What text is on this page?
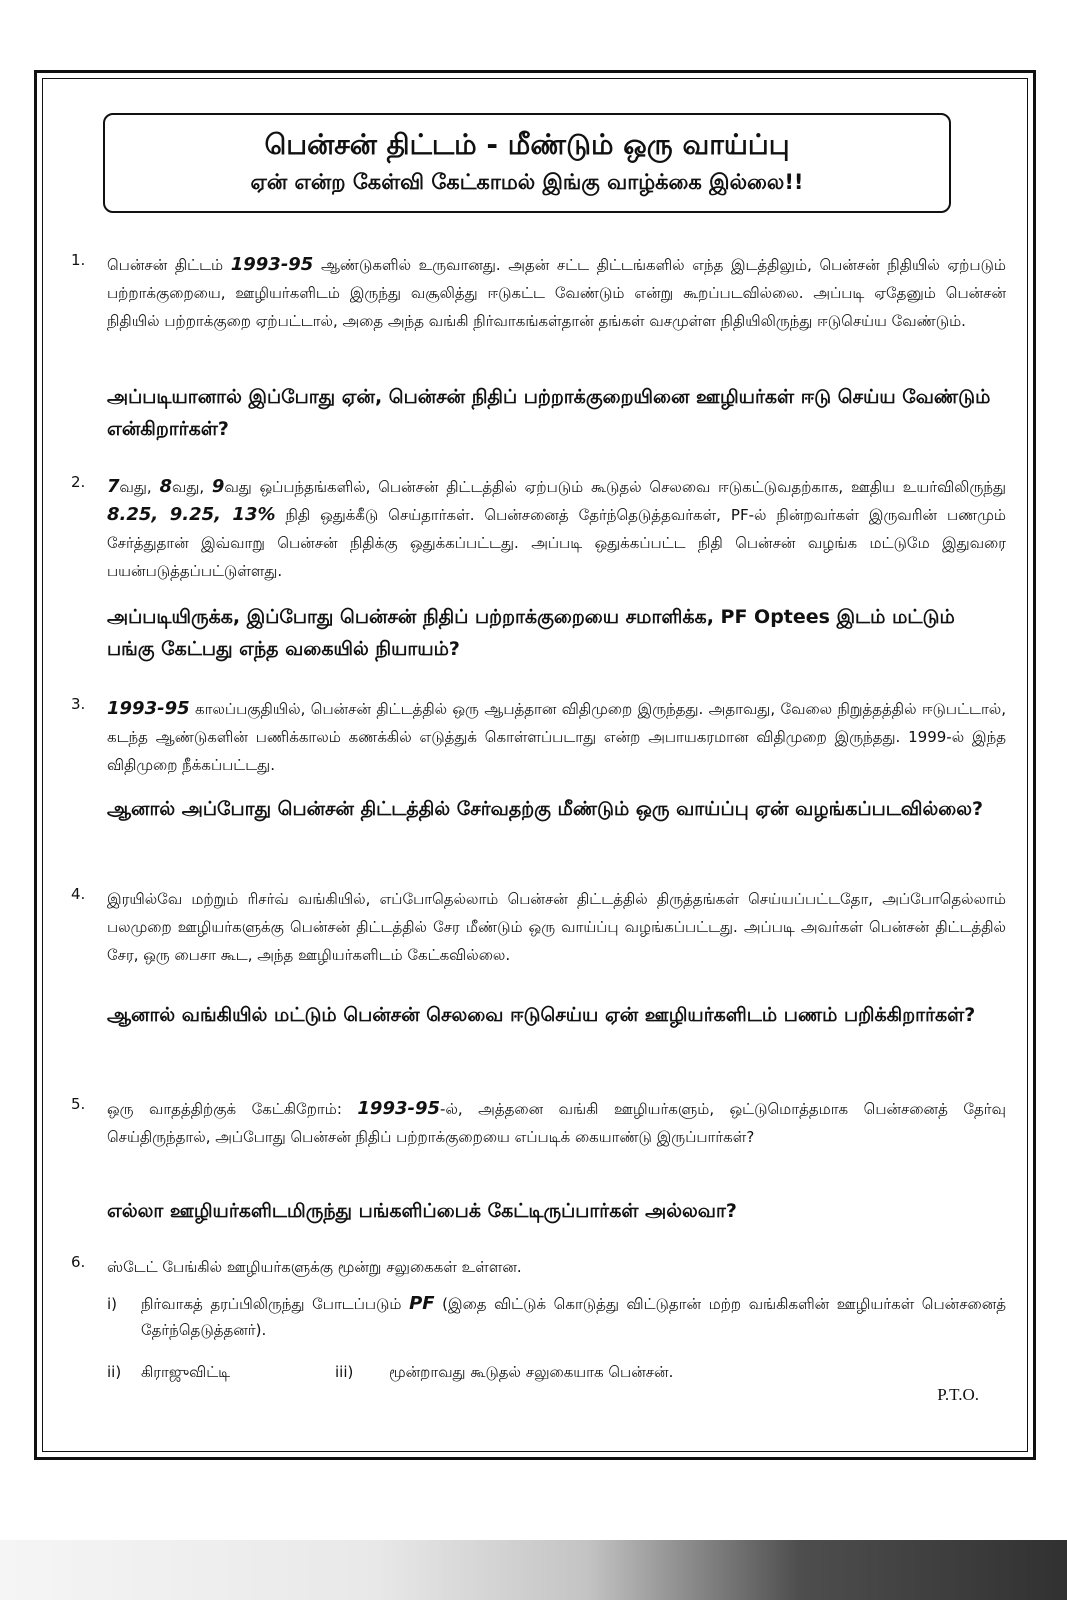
பென்சன் திட்டம் - மீண்டும் ஒரு வாய்ப்பு
ஏன் என்ற கேள்வி கேட்காமல் இங்கு வாழ்க்கை இல்லை!!
1. பென்சன் திட்டம் 1993-95 ஆண்டுகளில் உருவானது. அதன் சட்ட திட்டங்களில் எந்த இடத்திலும், பென்சன் நிதியில் ஏற்படும் பற்றாக்குறையை, ஊழியர்களிடம் இருந்து வசூலித்து ஈடுகட்ட வேண்டும் என்று கூறப்படவில்லை. அப்படி ஏதேனும் பென்சன் நிதியில் பற்றாக்குறை ஏற்பட்டால், அதை அந்த வங்கி நிர்வாகங்கள்தான் தங்கள் வசமுள்ள நிதியிலிருந்து ஈடுசெய்ய வேண்டும்.
அப்படியானால் இப்போது ஏன், பென்சன் நிதிப் பற்றாக்குறையினை ஊழியர்கள் ஈடு செய்ய வேண்டும் என்கிறார்கள்?
2. 7வது, 8வது, 9வது ஒப்பந்தங்களில், பென்சன் திட்டத்தில் ஏற்படும் கூடுதல் செலவை ஈடுகட்டுவதற்காக, ஊதிய உயர்விலிருந்து 8.25, 9.25, 13% நிதி ஒதுக்கீடு செய்தார்கள். பென்சனைத் தேர்ந்தெடுத்தவர்கள், PF-ல் நின்றவர்கள் இருவரின் பணமும் சேர்த்துதான் இவ்வாறு பென்சன் நிதிக்கு ஒதுக்கப்பட்டது. அப்படி ஒதுக்கப்பட்ட நிதி பென்சன் வழங்க மட்டுமே இதுவரை பயன்படுத்தப்பட்டுள்ளது.
அப்படியிருக்க, இப்போது பென்சன் நிதிப் பற்றாக்குறையை சமாளிக்க, PF Optees இடம் மட்டும் பங்கு கேட்பது எந்த வகையில் நியாயம்?
3. 1993-95 காலப்பகுதியில், பென்சன் திட்டத்தில் ஒரு ஆபத்தான விதிமுறை இருந்தது. அதாவது, வேலை நிறுத்தத்தில் ஈடுபட்டால், கடந்த ஆண்டுகளின் பணிக்காலம் கணக்கில் எடுத்துக் கொள்ளப்படாது என்ற அபாயகரமான விதிமுறை இருந்தது. 1999-ல் இந்த விதிமுறை நீக்கப்பட்டது.
ஆனால் அப்போது பென்சன் திட்டத்தில் சேர்வதற்கு மீண்டும் ஒரு வாய்ப்பு ஏன் வழங்கப்படவில்லை?
4. இரயில்வே மற்றும் ரிசர்வ் வங்கியில், எப்போதெல்லாம் பென்சன் திட்டத்தில் திருத்தங்கள் செய்யப்பட்டதோ, அப்போதெல்லாம் பலமுறை ஊழியர்களுக்கு பென்சன் திட்டத்தில் சேர மீண்டும் ஒரு வாய்ப்பு வழங்கப்பட்டது. அப்படி அவர்கள் பென்சன் திட்டத்தில் சேர, ஒரு பைசா கூட, அந்த ஊழியர்களிடம் கேட்கவில்லை.
ஆனால் வங்கியில் மட்டும் பென்சன் செலவை ஈடுசெய்ய ஏன் ஊழியர்களிடம் பணம் பறிக்கிறார்கள்?
5. ஒரு வாதத்திற்குக் கேட்கிறோம்: 1993-95-ல், அத்தனை வங்கி ஊழியர்களும், ஒட்டுமொத்தமாக பென்சனைத் தேர்வு செய்திருந்தால், அப்போது பென்சன் நிதிப் பற்றாக்குறையை எப்படிக் கையாண்டு இருப்பார்கள்?
எல்லா ஊழியர்களிடமிருந்து பங்களிப்பைக் கேட்டிருப்பார்கள் அல்லவா?
6. ஸ்டேட் பேங்கில் ஊழியர்களுக்கு மூன்று சலுகைகள் உள்ளன.
i) நிர்வாகத் தரப்பிலிருந்து போடப்படும் PF (இதை விட்டுக் கொடுத்து விட்டுதான் மற்ற வங்கிகளின் ஊழியர்கள் பென்சனைத் தேர்ந்தெடுத்தனர்).
ii) கிராஜுவிட்டி	iii) மூன்றாவது கூடுதல் சலுகையாக பென்சன்.
P.T.O.
